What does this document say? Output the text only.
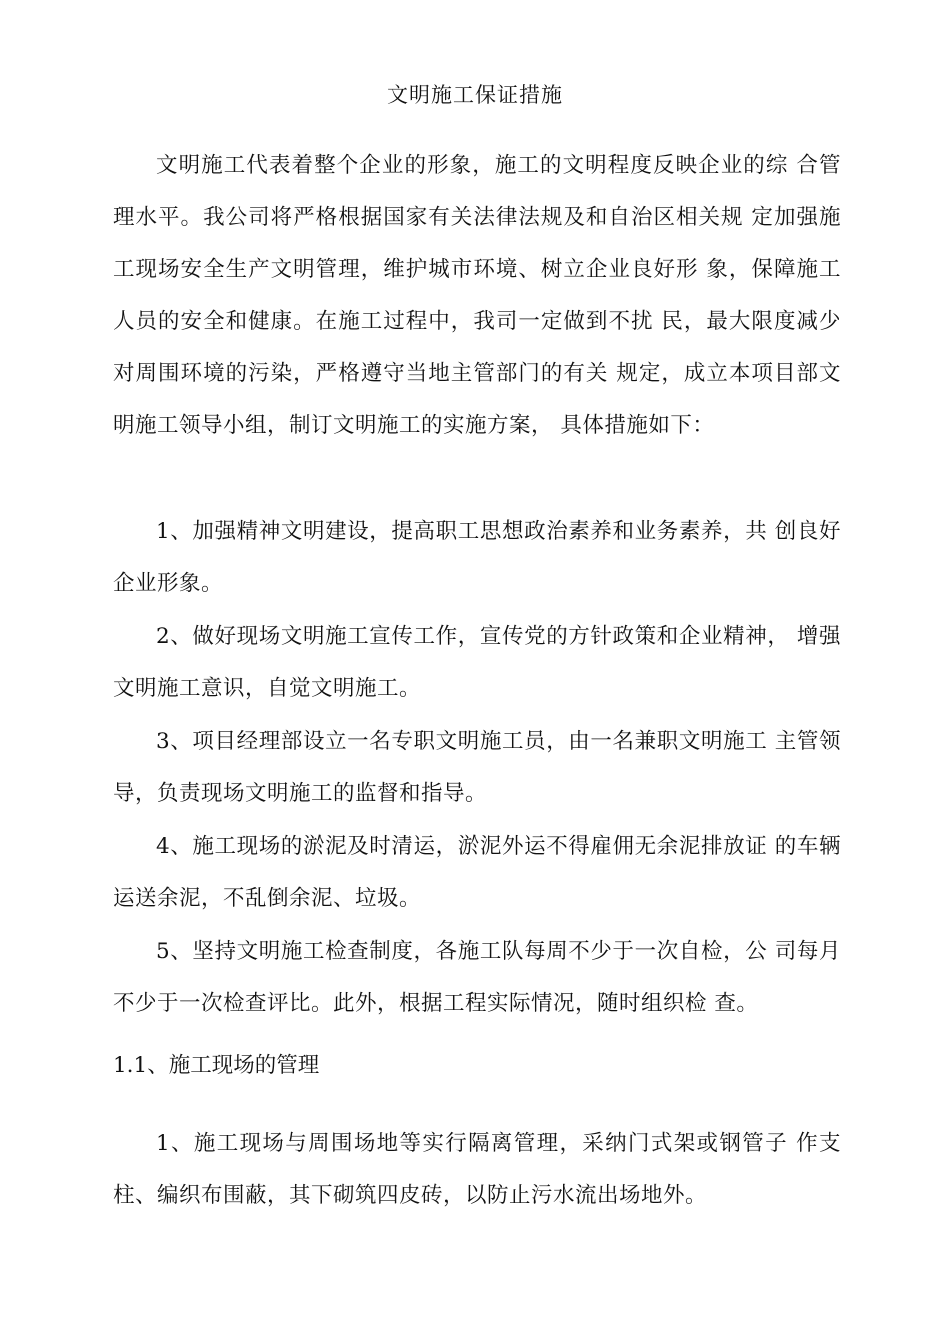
文明施工保证措施

文明施工代表着整个企业的形象，施工的文明程度反映企业的综 合管理水平。我公司将严格根据国家有关法律法规及和自治区相关规 定加强施工现场安全生产文明管理，维护城市环境、树立企业良好形 象，保障施工人员的安全和健康。在施工过程中，我司一定做到不扰 民，最大限度减少对周围环境的污染，严格遵守当地主管部门的有关 规定，成立本项目部文明施工领导小组，制订文明施工的实施方案， 具体措施如下：

1、加强精神文明建设，提高职工思想政治素养和业务素养，共 创良好企业形象。

2、做好现场文明施工宣传工作，宣传党的方针政策和企业精神， 增强文明施工意识，自觉文明施工。

3、项目经理部设立一名专职文明施工员，由一名兼职文明施工 主管领导，负责现场文明施工的监督和指导。

4、施工现场的淤泥及时清运，淤泥外运不得雇佣无余泥排放证 的车辆运送余泥，不乱倒余泥、垃圾。

5、坚持文明施工检查制度，各施工队每周不少于一次自检，公 司每月不少于一次检查评比。此外，根据工程实际情况，随时组织检 查。

1.1、施工现场的管理

1、施工现场与周围场地等实行隔离管理，采纳门式架或钢管子 作支柱、编织布围蔽，其下砌筑四皮砖，以防止污水流出场地外。
